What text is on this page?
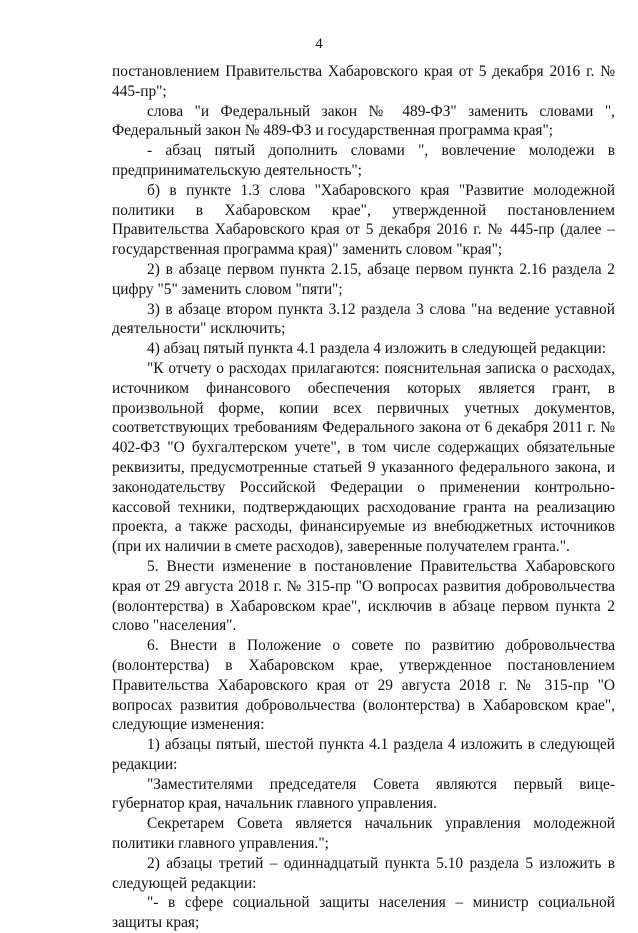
4

постановлением Правительства Хабаровского края от 5 декабря 2016 г. № 445-пр";

слова "и Федеральный закон № 489-ФЗ" заменить словами ", Федеральный закон № 489-ФЗ и государственная программа края";

- абзац пятый дополнить словами ", вовлечение молодежи в предпринимательскую деятельность";

б) в пункте 1.3 слова "Хабаровского края "Развитие молодежной политики в Хабаровском крае", утвержденной постановлением Правительства Хабаровского края от 5 декабря 2016 г. № 445-пр (далее – государственная программа края)" заменить словом "края";

2) в абзаце первом пункта 2.15, абзаце первом пункта 2.16 раздела 2 цифру "5" заменить словом "пяти";

3) в абзаце втором пункта 3.12 раздела 3 слова "на ведение уставной деятельности" исключить;

4) абзац пятый пункта 4.1 раздела 4 изложить в следующей редакции:

"К отчету о расходах прилагаются: пояснительная записка о расходах, источником финансового обеспечения которых является грант, в произвольной форме, копии всех первичных учетных документов, соответствующих требованиям Федерального закона от 6 декабря 2011 г. № 402-ФЗ "О бухгалтерском учете", в том числе содержащих обязательные реквизиты, предусмотренные статьей 9 указанного федерального закона, и законодательству Российской Федерации о применении контрольно-кассовой техники, подтверждающих расходование гранта на реализацию проекта, а также расходы, финансируемые из внебюджетных источников (при их наличии в смете расходов), заверенные получателем гранта.".

5. Внести изменение в постановление Правительства Хабаровского края от 29 августа 2018 г. № 315-пр "О вопросах развития добровольчества (волонтерства) в Хабаровском крае", исключив в абзаце первом пункта 2 слово "населения".

6. Внести в Положение о совете по развитию добровольчества (волонтерства) в Хабаровском крае, утвержденное постановлением Правительства Хабаровского края от 29 августа 2018 г. № 315-пр "О вопросах развития добровольчества (волонтерства) в Хабаровском крае", следующие изменения:

1) абзацы пятый, шестой пункта 4.1 раздела 4 изложить в следующей редакции:

"Заместителями председателя Совета являются первый вице-губернатор края, начальник главного управления.

Секретарем Совета является начальник управления молодежной политики главного управления.";

2) абзацы третий – одиннадцатый пункта 5.10 раздела 5 изложить в следующей редакции:

"- в сфере социальной защиты населения – министр социальной защиты края;
